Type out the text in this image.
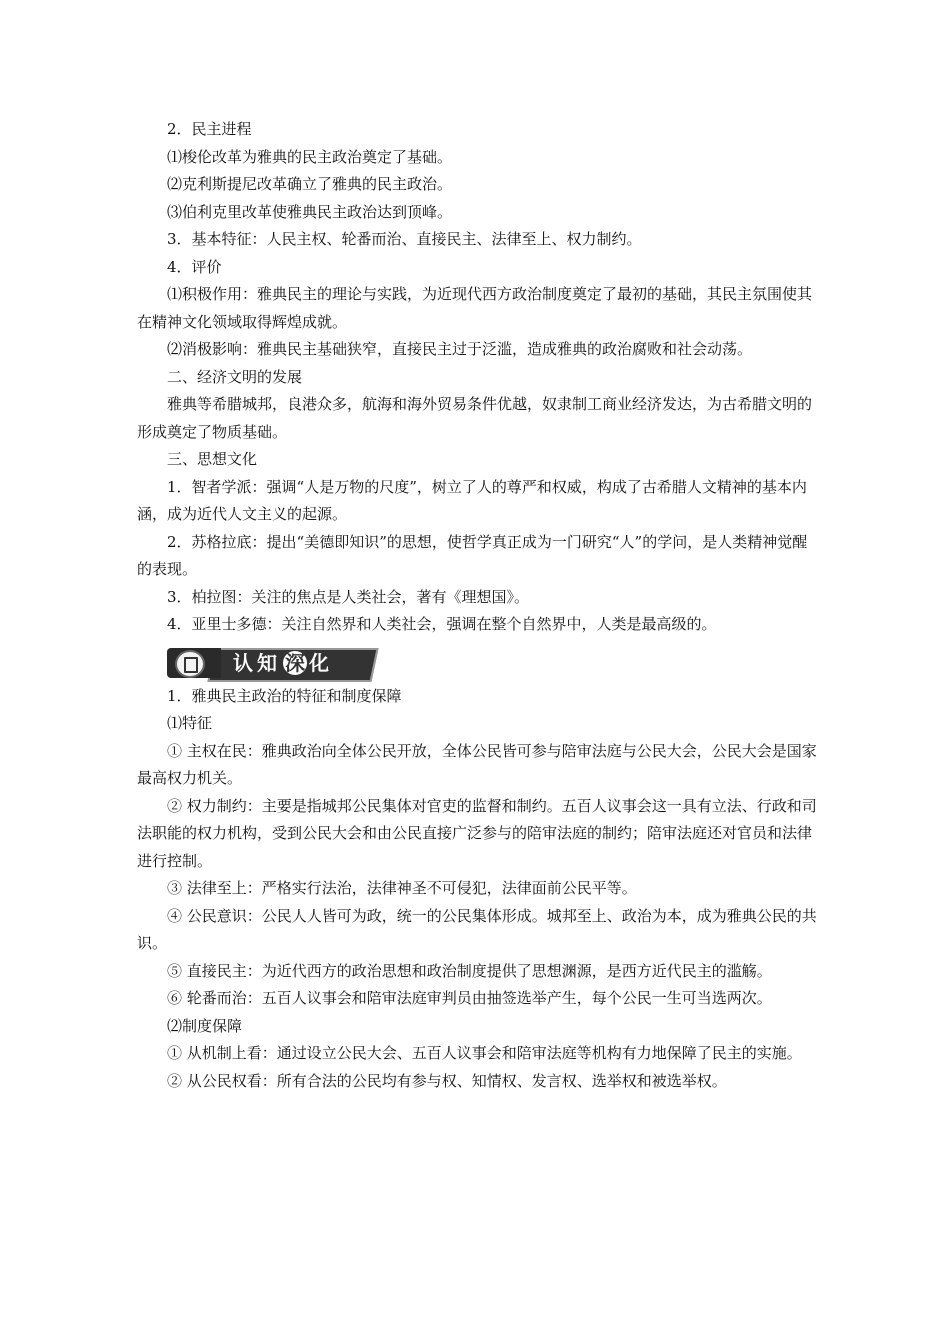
2．民主进程

⑴梭伦改革为雅典的民主政治奠定了基础。

⑵克利斯提尼改革确立了雅典的民主政治。

⑶伯利克里改革使雅典民主政治达到顶峰。

3．基本特征：人民主权、轮番而治、直接民主、法律至上、权力制约。

4．评价

⑴积极作用：雅典民主的理论与实践，为近现代西方政治制度奠定了最初的基础，其民主氛围使其在精神文化领域取得辉煌成就。

⑵消极影响：雅典民主基础狭窄，直接民主过于泛滥，造成雅典的政治腐败和社会动荡。

二、经济文明的发展

雅典等希腊城邦，良港众多，航海和海外贸易条件优越，奴隶制工商业经济发达，为古希腊文明的形成奠定了物质基础。

三、思想文化

1．智者学派：强调“人是万物的尺度”，树立了人的尊严和权威，构成了古希腊人文精神的基本内涵，成为近代人文主义的起源。

2．苏格拉底：提出“美德即知识”的思想，使哲学真正成为一门研究“人”的学问，是人类精神觉醒的表现。

3．柏拉图：关注的焦点是人类社会，著有《理想国》。

4．亚里士多德：关注自然界和人类社会，强调在整个自然界中，人类是最高级的。

认知 深 化

1．雅典民主政治的特征和制度保障

⑴特征

① 主权在民：雅典政治向全体公民开放，全体公民皆可参与陪审法庭与公民大会，公民大会是国家最高权力机关。

② 权力制约：主要是指城邦公民集体对官吏的监督和制约。五百人议事会这一具有立法、行政和司法职能的权力机构，受到公民大会和由公民直接广泛参与的陪审法庭的制约；陪审法庭还对官员和法律进行控制。

③ 法律至上：严格实行法治，法律神圣不可侵犯，法律面前公民平等。

④ 公民意识：公民人人皆可为政，统一的公民集体形成。城邦至上、政治为本，成为雅典公民的共识。

⑤ 直接民主：为近代西方的政治思想和政治制度提供了思想渊源，是西方近代民主的滥觞。

⑥ 轮番而治：五百人议事会和陪审法庭审判员由抽签选举产生，每个公民一生可当选两次。

⑵制度保障

① 从机制上看：通过设立公民大会、五百人议事会和陪审法庭等机构有力地保障了民主的实施。

② 从公民权看：所有合法的公民均有参与权、知情权、发言权、选举权和被选举权。
